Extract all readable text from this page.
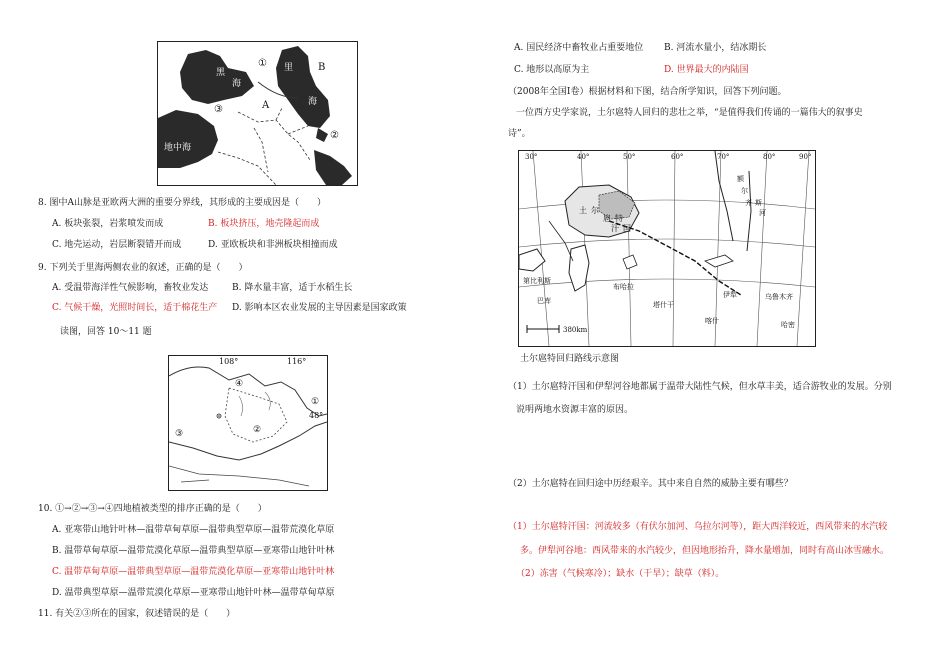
黑
海
里
海
①	B
②
③	A
地中海
8. 图中A山脉是亚欧两大洲的重要分界线，其形成的主要成因是（　　）
A. 板块张裂，岩浆喷发而成	B. 板块挤压，地壳隆起而成
C. 地壳运动，岩层断裂错开而成	D. 亚欧板块和非洲板块相撞而成
9. 下列关于里海两侧农业的叙述，正确的是（　　）
A. 受温带海洋性气候影响，畜牧业发达	B. 降水量丰富，适于水稻生长
C. 气候干燥，光照时间长，适于棉花生产 D. 影响本区农业发展的主导因素是国家政策
读图，回答 10～11 题
108°	116°
48°
①
②
③
④
10. ①→②→③→④四地植被类型的排序正确的是（　　）
A. 亚寒带山地针叶林—温带草甸草原—温带典型草原—温带荒漠化草原
B. 温带草甸草原—温带荒漠化草原—温带典型草原—亚寒带山地针叶林
C. 温带草甸草原—温带典型草原—温带荒漠化草原—亚寒带山地针叶林
D. 温带典型草原—温带荒漠化草原—亚寒带山地针叶林—温带草甸草原
11. 有关②③所在的国家，叙述错误的是（　　）
A. 国民经济中畜牧业占重要地位 B. 河流水量小，结冰期长
C. 地形以高原为主	D. 世界最大的内陆国
（2008年全国Ⅰ卷）根据材料和下图，结合所学知识，回答下列问题。
一位西方史学家说，土尔扈特人回归的悲壮之举，“是值得我们传诵的一篇伟大的叙事史
诗”。
30°	40°	50°	60°	70°	80°	90°
土 尔
扈 特
汗 国
额
尔
齐 斯
河
第比利斯
巴库
布哈拉
塔什干
伊犁
喀什
乌鲁木齐
哈密
380km
土尔扈特回归路线示意图
（1）土尔扈特汗国和伊犁河谷地都属于温带大陆性气候，但水草丰美，适合游牧业的发展。分别
说明两地水资源丰富的原因。
（2）土尔扈特在回归途中历经艰辛。其中来自自然的威胁主要有哪些？
（1）土尔扈特汗国：河流较多（有伏尔加河、乌拉尔河等），距大西洋较近，西风带来的水汽较
多。伊犁河谷地：西风带来的水汽较少，但因地形抬升，降水量增加，同时有高山冰雪融水。
（2）冻害（气候寒冷）；缺水（干旱）；缺草（料）。
